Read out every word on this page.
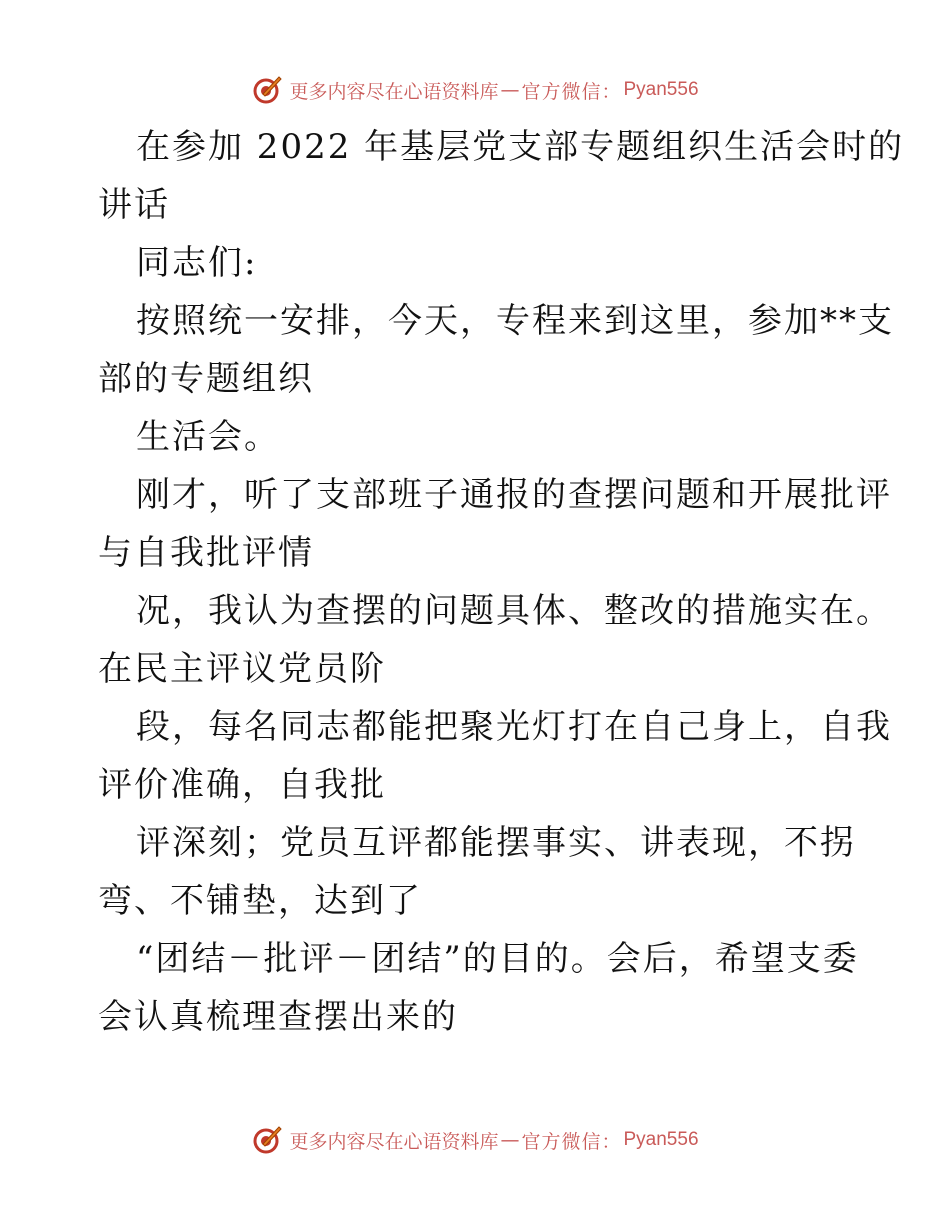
更多内容尽在心语资料库 — 官方微信： Pyan556
在参加 2022 年基层党支部专题组织生活会时的
讲话
同志们:
按照统一安排，今天，专程来到这里，参加**支
部的专题组织
生活会。
刚才，听了支部班子通报的查摆问题和开展批评
与自我批评情
况，我认为查摆的问题具体、整改的措施实在。
在民主评议党员阶
段，每名同志都能把聚光灯打在自己身上，自我
评价准确，自我批
评深刻；党员互评都能摆事实、讲表现，不拐
弯、不铺垫，达到了
“团结－批评－团结”的目的。会后，希望支委
会认真梳理查摆出来的
更多内容尽在心语资料库 — 官方微信： Pyan556
